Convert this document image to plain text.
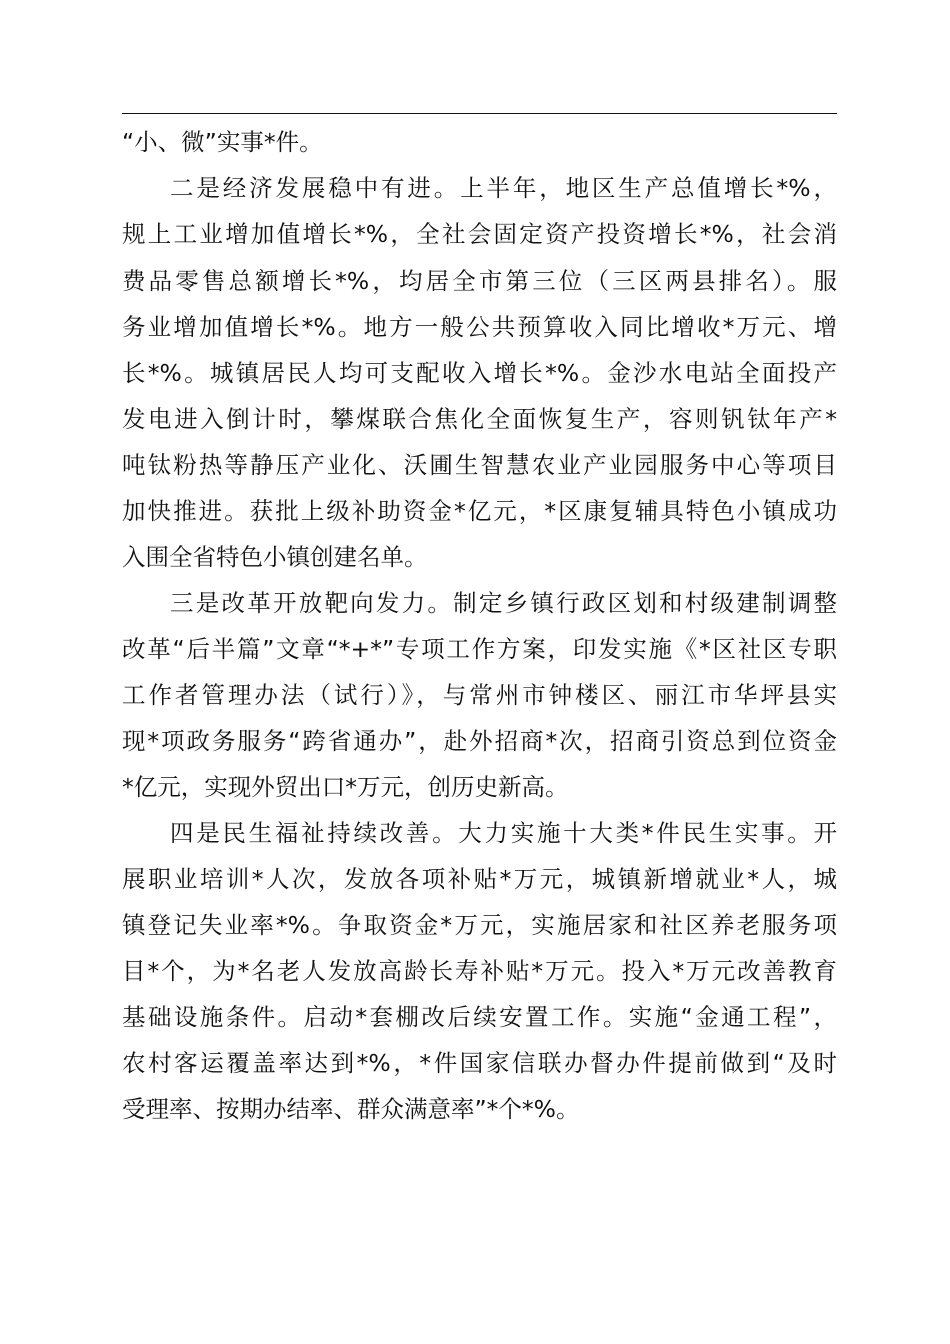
“小、微”实事*件。
二是经济发展稳中有进。上半年，地区生产总值增长*%，
规上工业增加值增长*%，全社会固定资产投资增长*%，社会消
费品零售总额增长*%，均居全市第三位（三区两县排名）。服
务业增加值增长*%。地方一般公共预算收入同比增收*万元、增
长*%。城镇居民人均可支配收入增长*%。金沙水电站全面投产
发电进入倒计时，攀煤联合焦化全面恢复生产，容则钒钛年产*
吨钛粉热等静压产业化、沃圃生智慧农业产业园服务中心等项目
加快推进。获批上级补助资金*亿元，*区康复辅具特色小镇成功
入围全省特色小镇创建名单。
三是改革开放靶向发力。制定乡镇行政区划和村级建制调整
改革“后半篇”文章“*+*”专项工作方案，印发实施《*区社区专职
工作者管理办法（试行）》，与常州市钟楼区、丽江市华坪县实
现*项政务服务“跨省通办”，赴外招商*次，招商引资总到位资金
*亿元，实现外贸出口*万元，创历史新高。
四是民生福祉持续改善。大力实施十大类*件民生实事。开
展职业培训*人次，发放各项补贴*万元，城镇新增就业*人，城
镇登记失业率*%。争取资金*万元，实施居家和社区养老服务项
目*个，为*名老人发放高龄长寿补贴*万元。投入*万元改善教育
基础设施条件。启动*套棚改后续安置工作。实施“金通工程”，
农村客运覆盖率达到*%，*件国家信联办督办件提前做到“及时
受理率、按期办结率、群众满意率”*个*%。
